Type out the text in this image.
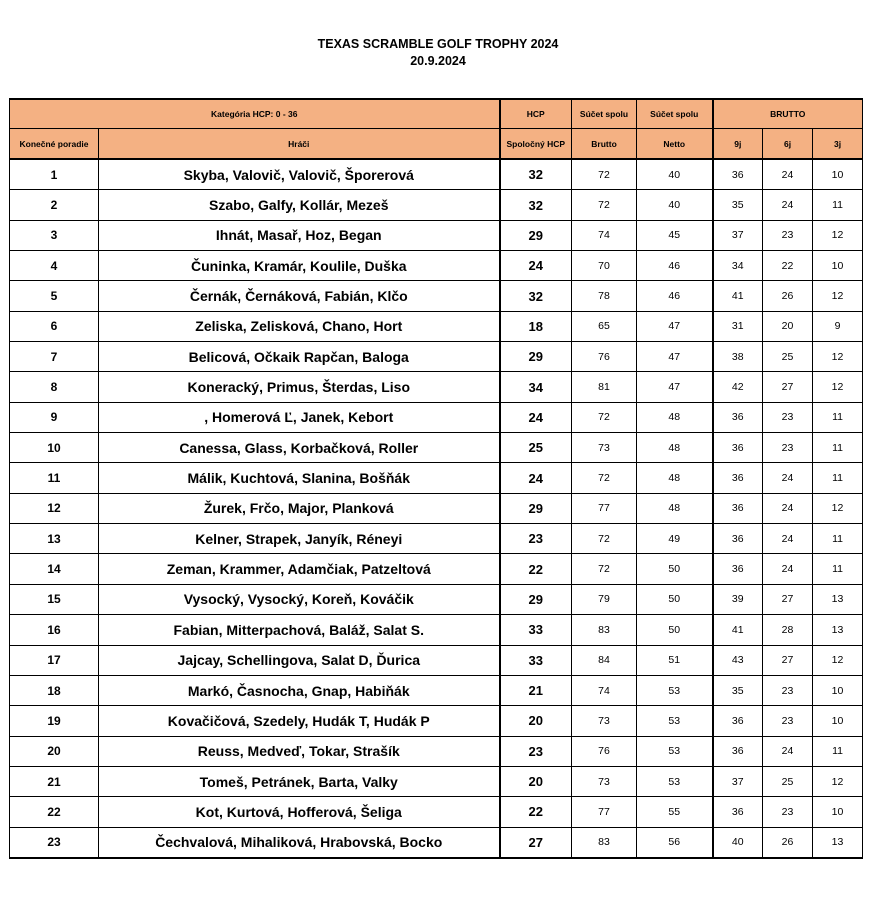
TEXAS SCRAMBLE GOLF TROPHY 2024
20.9.2024
Kategória HCP: 0 - 36		HCP	Súčet spolu	Súčet spolu	BRUTTO		
Konečné poradie	Hráči	Spoločný HCP	Brutto	Netto	9j	6j	3j
1	Skyba, Valovič, Valovič, Šporerová	32	72	40	36	24	10
2	Szabo, Galfy, Kollár, Mezeš	32	72	40	35	24	11
3	Ihnát, Masař, Hoz, Began	29	74	45	37	23	12
4	Čuninka, Kramár, Koulile, Duška	24	70	46	34	22	10
5	Černák, Černáková, Fabián, Klčo	32	78	46	41	26	12
6	Zeliska, Zelisková, Chano, Hort	18	65	47	31	20	9
7	Belicová, Očkaik Rapčan, Baloga	29	76	47	38	25	12
8	Koneracký, Primus, Šterdas, Liso	34	81	47	42	27	12
9	, Homerová Ľ, Janek, Kebort	24	72	48	36	23	11
10	Canessa, Glass, Korbačková, Roller	25	73	48	36	23	11
11	Málik, Kuchtová, Slanina, Bošňák	24	72	48	36	24	11
12	Žurek, Frčo, Major, Planková	29	77	48	36	24	12
13	Kelner, Strapek, Janyík, Réneyi	23	72	49	36	24	11
14	Zeman, Krammer, Adamčiak, Patzeltová	22	72	50	36	24	11
15	Vysocký, Vysocký, Koreň, Kováčik	29	79	50	39	27	13
16	Fabian, Mitterpachová, Baláž, Salat S.	33	83	50	41	28	13
17	Jajcay, Schellingova, Salat D, Ďurica	33	84	51	43	27	12
18	Markó, Časnocha, Gnap, Habiňák	21	74	53	35	23	10
19	Kovačičová, Szedely, Hudák T, Hudák P	20	73	53	36	23	10
20	Reuss, Medveď, Tokar, Strašík	23	76	53	36	24	11
21	Tomeš, Petránek, Barta, Valky	20	73	53	37	25	12
22	Kot, Kurtová, Hofferová, Šeliga	22	77	55	36	23	10
23	Čechvalová, Mihaliková, Hrabovská, Bocko	27	83	56	40	26	13
